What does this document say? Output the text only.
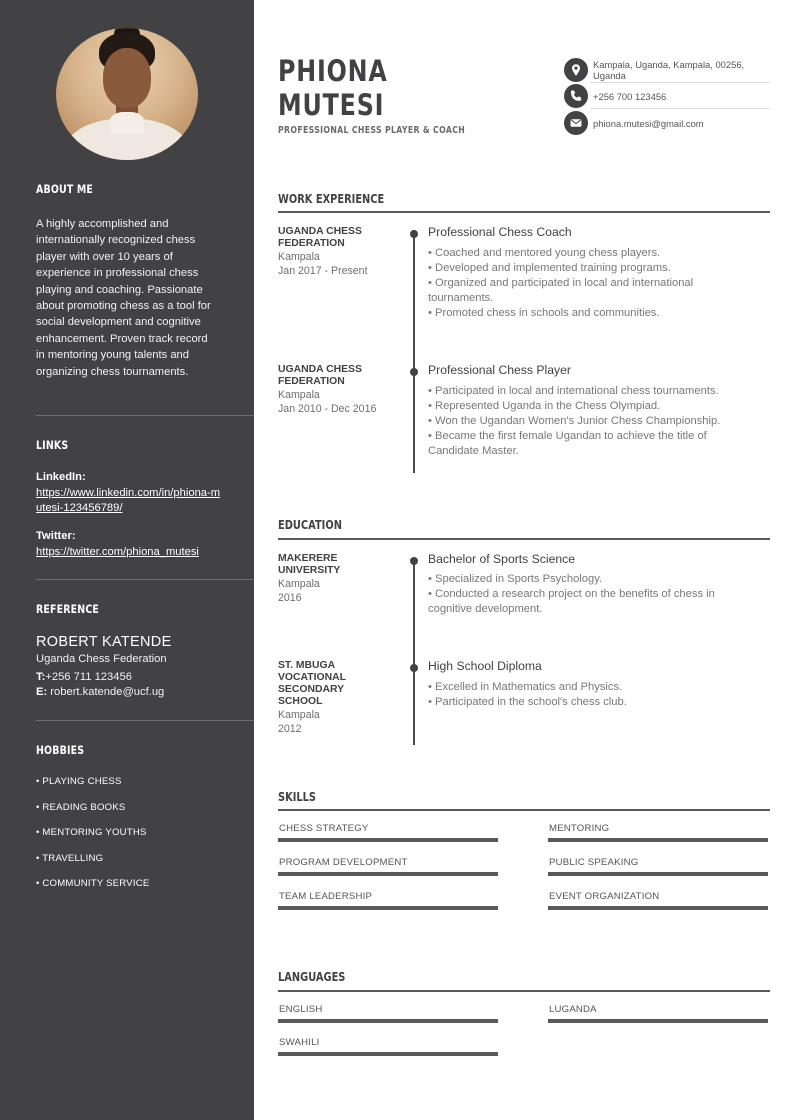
ABOUT ME

A highly accomplished and internationally recognized chess player with over 10 years of experience in professional chess playing and coaching. Passionate about promoting chess as a tool for social development and cognitive enhancement. Proven track record in mentoring young talents and organizing chess tournaments.

LINKS
LinkedIn:
https://www.linkedin.com/in/phiona-mutesi-123456789/
Twitter:
https://twitter.com/phiona_mutesi
REFERENCE
ROBERT KATENDE
Uganda Chess Federation
T:+256 711 123456
E: robert.katende@ucf.ug
HOBBIES
• PLAYING CHESS
• READING BOOKS
• MENTORING YOUTHS
• TRAVELLING
• COMMUNITY SERVICE
PHIONA
MUTESI
PROFESSIONAL CHESS PLAYER & COACH
Kampala, Uganda, Kampala, 00256, Uganda
+256 700 123456
phiona.mutesi@gmail.com
WORK EXPERIENCE
UGANDA CHESS FEDERATION
Kampala
Jan 2017 - Present
Professional Chess Coach
• Coached and mentored young chess players.
• Developed and implemented training programs.
• Organized and participated in local and international tournaments.
• Promoted chess in schools and communities.
UGANDA CHESS FEDERATION
Kampala
Jan 2010 - Dec 2016
Professional Chess Player
• Participated in local and international chess tournaments.
• Represented Uganda in the Chess Olympiad.
• Won the Ugandan Women's Junior Chess Championship.
• Became the first female Ugandan to achieve the title of Candidate Master.
EDUCATION
MAKERERE UNIVERSITY
Kampala
2016
Bachelor of Sports Science
• Specialized in Sports Psychology.
• Conducted a research project on the benefits of chess in cognitive development.
ST. MBUGA VOCATIONAL SECONDARY SCHOOL
Kampala
2012
High School Diploma
• Excelled in Mathematics and Physics.
• Participated in the school's chess club.
SKILLS
CHESS STRATEGY	MENTORING
PROGRAM DEVELOPMENT	PUBLIC SPEAKING
TEAM LEADERSHIP	EVENT ORGANIZATION
LANGUAGES
ENGLISH	LUGANDA
SWAHILI
